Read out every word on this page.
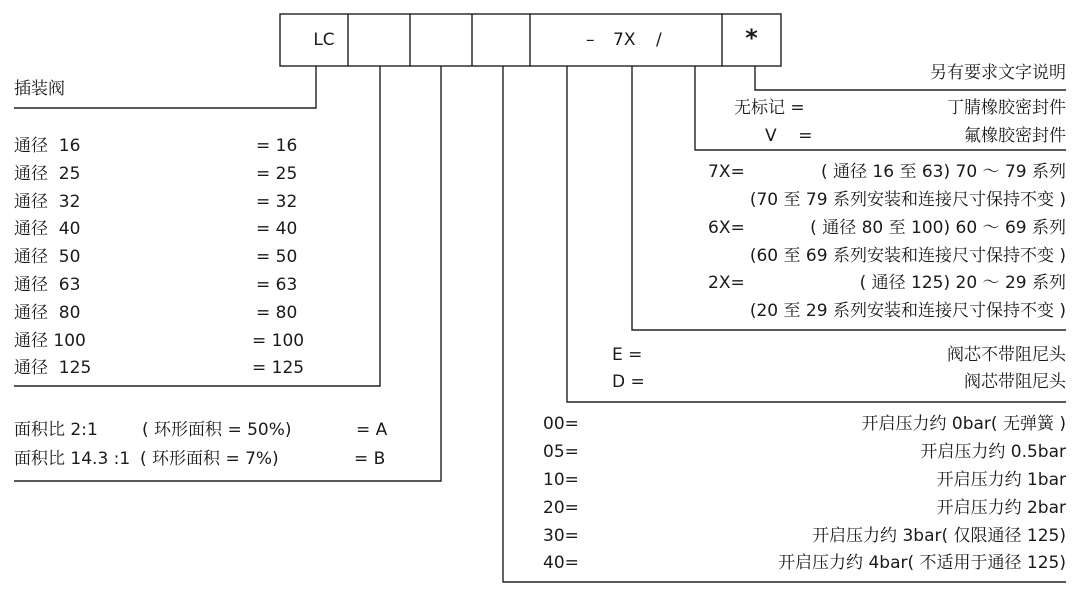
LC	– 7X /	*
另有要求文字说明
无标记 =	丁腈橡胶密封件
V    =	氟橡胶密封件
7X=	( 通径 16 至 63) 70 ～ 79 系列
(70 至 79 系列安装和连接尺寸保持不变 )
6X=	( 通径 80 至 100) 60 ～ 69 系列
(60 至 69 系列安装和连接尺寸保持不变 )
2X=	( 通径 125) 20 ～ 29 系列
(20 至 29 系列安装和连接尺寸保持不变 )
E =	阀芯不带阻尼头
D =	阀芯带阻尼头
00=	开启压力约 0bar( 无弹簧 )
05=	开启压力约 0.5bar
10=	开启压力约 1bar
20=	开启压力约 2bar
30=	开启压力约 3bar( 仅限通径 125)
40=	开启压力约 4bar( 不适用于通径 125)
插装阀
通径  16	= 16
通径  25	= 25
通径  32	= 32
通径  40	= 40
通径  50	= 50
通径  63	= 63
通径  80	= 80
通径 100	= 100
通径  125	= 125
面积比 2:1	( 环形面积 = 50%)	= A
面积比 14.3 :1 ( 环形面积 = 7%)	= B
